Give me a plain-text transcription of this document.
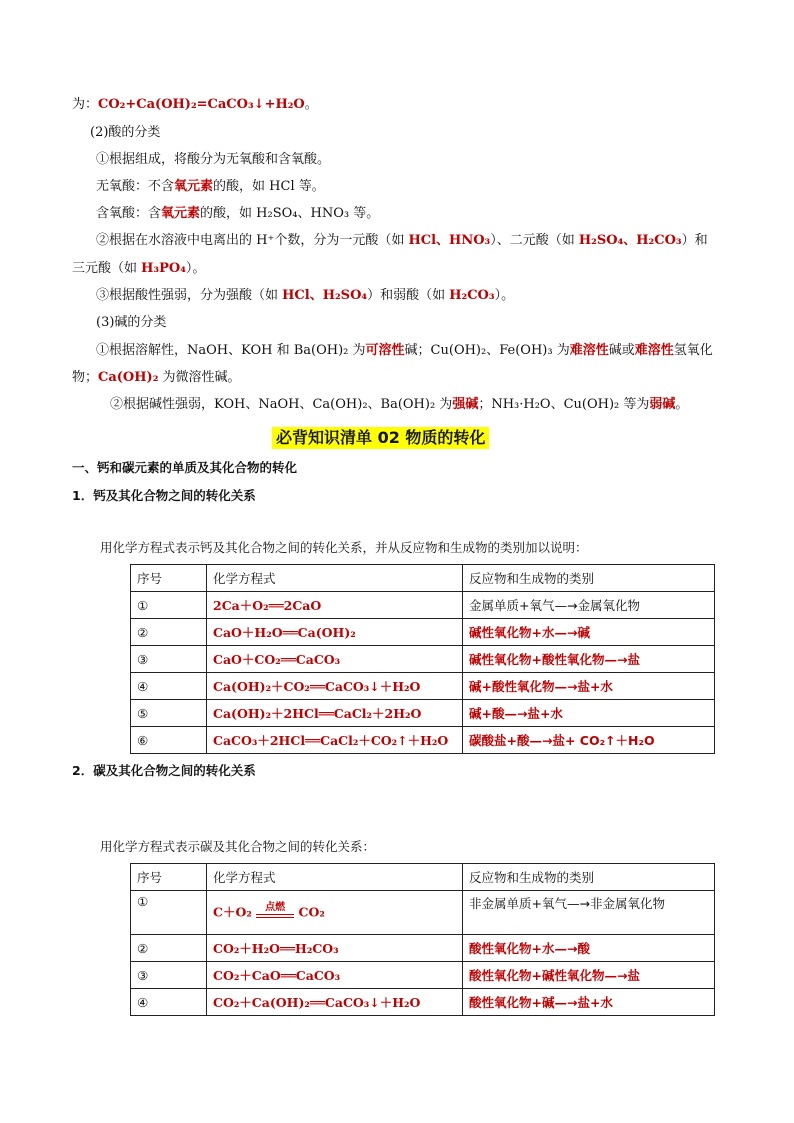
为：CO₂+Ca(OH)₂=CaCO₃↓+H₂O。
(2)酸的分类
①根据组成，将酸分为无氧酸和含氧酸。
无氧酸：不含氧元素的酸，如 HCl 等。
含氧酸：含氧元素的酸，如 H₂SO₄、HNO₃ 等。
②根据在水溶液中电离出的 H⁺个数，分为一元酸（如 HCl、HNO₃）、二元酸（如 H₂SO₄、H₂CO₃）和
三元酸（如 H₃PO₄）。
③根据酸性强弱，分为强酸（如 HCl、H₂SO₄）和弱酸（如 H₂CO₃）。
(3)碱的分类
①根据溶解性，NaOH、KOH 和 Ba(OH)₂ 为可溶性碱；Cu(OH)₂、Fe(OH)₃ 为难溶性碱或难溶性氢氧化
物；Ca(OH)₂ 为微溶性碱。
②根据碱性强弱，KOH、NaOH、Ca(OH)₂、Ba(OH)₂ 为强碱；NH₃·H₂O、Cu(OH)₂ 等为弱碱。
必背知识清单 02 物质的转化
一、钙和碳元素的单质及其化合物的转化
1．钙及其化合物之间的转化关系
用化学方程式表示钙及其化合物之间的转化关系，并从反应物和生成物的类别加以说明：
序号	化学方程式	反应物和生成物的类别
①	2Ca＋O₂══2CaO	金属单质+氧气—→金属氧化物
②	CaO＋H₂O══Ca(OH)₂	碱性氧化物+水—→碱
③	CaO＋CO₂══CaCO₃	碱性氧化物+酸性氧化物—→盐
④	Ca(OH)₂＋CO₂══CaCO₃↓＋H₂O	碱+酸性氧化物—→盐+水
⑤	Ca(OH)₂＋2HCl══CaCl₂＋2H₂O	碱+酸—→盐+水
⑥	CaCO₃＋2HCl══CaCl₂＋CO₂↑＋H₂O	碳酸盐+酸—→盐+ CO₂↑＋H₂O
2．碳及其化合物之间的转化关系
用化学方程式表示碳及其化合物之间的转化关系：
序号	化学方程式	反应物和生成物的类别
①	C＋O₂ 点燃 CO₂	非金属单质+氧气—→非金属氧化物
②	CO₂＋H₂O══H₂CO₃	酸性氧化物+水—→酸
③	CO₂＋CaO══CaCO₃	酸性氧化物+碱性氧化物—→盐
④	CO₂＋Ca(OH)₂══CaCO₃↓＋H₂O	酸性氧化物+碱—→盐+水
